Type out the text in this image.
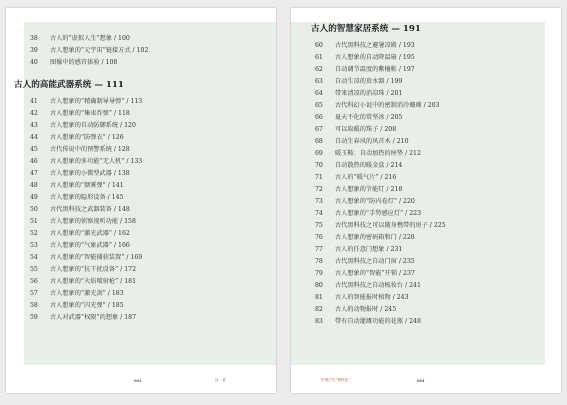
38	古人的“虚拟人生”想象 / 100
39	古人想象的“元宇宙”链接方式 / 102
40	图像中的感官体验 / 108
古人的高能武器系统 — 111
41	古人想象的“精确制导导弹” / 113
42	古人想象的“集束炸弹” / 118
43	古人想象的自动防御系统 / 120
44	古人想象的“防弹衣” / 126
45	古代传说中的预警系统 / 128
46	古人想象的多功能“无人机” / 133
47	古人想象的小微型武器 / 138
48	古人想象的“烟雾弹” / 141
49	古人想象的隐形设备 / 145
50	古代黑科技之武器装备 / 148
51	古人想象的侦察视听功能 / 158
52	古人想象的“激光武器” / 162
53	古人想象的“气象武器” / 166
54	古人想象的“智能捕获装置” / 169
55	古人想象的“抗干扰设备” / 172
56	古人想象的“火焰喷射枪” / 181
57	古人想象的“激光剑” / 183
58	古人想象的“闪光弹” / 185
59	古人对武器“权限”的想象 / 187
003	目　录
古人的智慧家居系统 — 191
60	古代黑科技之避暑凉殿 / 193
61	古人想象的自动降温扇 / 195
62	自动调节温度的紫檀帐 / 197
63	自动生凉的贵水器 / 199
64	带来清凉的消凉珠 / 201
65	古代科幻小说中的密制消冷珊瑚 / 203
66	夏天不化的常坚冰 / 205
67	可以取暖的珠子 / 208
68	自动生春风的风首木 / 210
69	暖玉鞍：自动加热的座垫 / 212
70	自动散热的暖金盒 / 214
71	古人的“暖气片” / 216
72	古人想象的节能灯 / 218
73	古人想象的“防内卷灯” / 220
74	古人想象的“手势感应灯” / 223
75	古代黑科技之可以随身携带的房子 / 225
76	古人想象的密码箱和门 / 228
77	古人的任意门想象 / 231
78	古代黑科技之自动门窗 / 235
79	古人想象的“智能”开锁 / 237
80	古代黑科技之自动梳妆台 / 241
81	古人的智能报时植物 / 243
82	古人的动物报时 / 245
83	带有自动灌溉功能的花瓶 / 248
中国古代“黑科技”	004
